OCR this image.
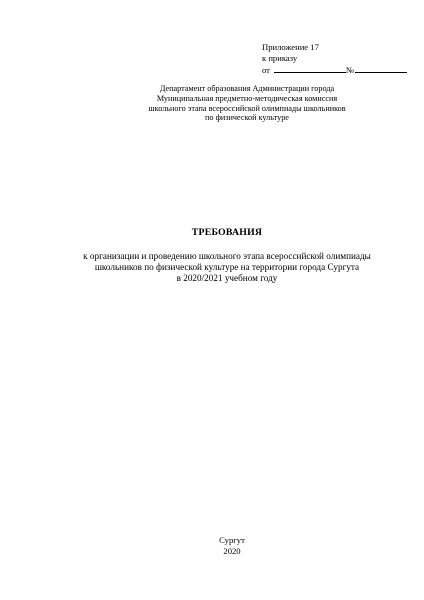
Приложение 17
к приказу
от	№
Департамент образования Администрации города
Муниципальная предметно-методическая комиссия
школьного этапа всероссийской олимпиады школьников
по физической культуре
ТРЕБОВАНИЯ
к организации и проведению школьного этапа всероссийской олимпиады
школьников по физической культуре на территории города Сургута
в 2020/2021 учебном году
Сургут
2020
